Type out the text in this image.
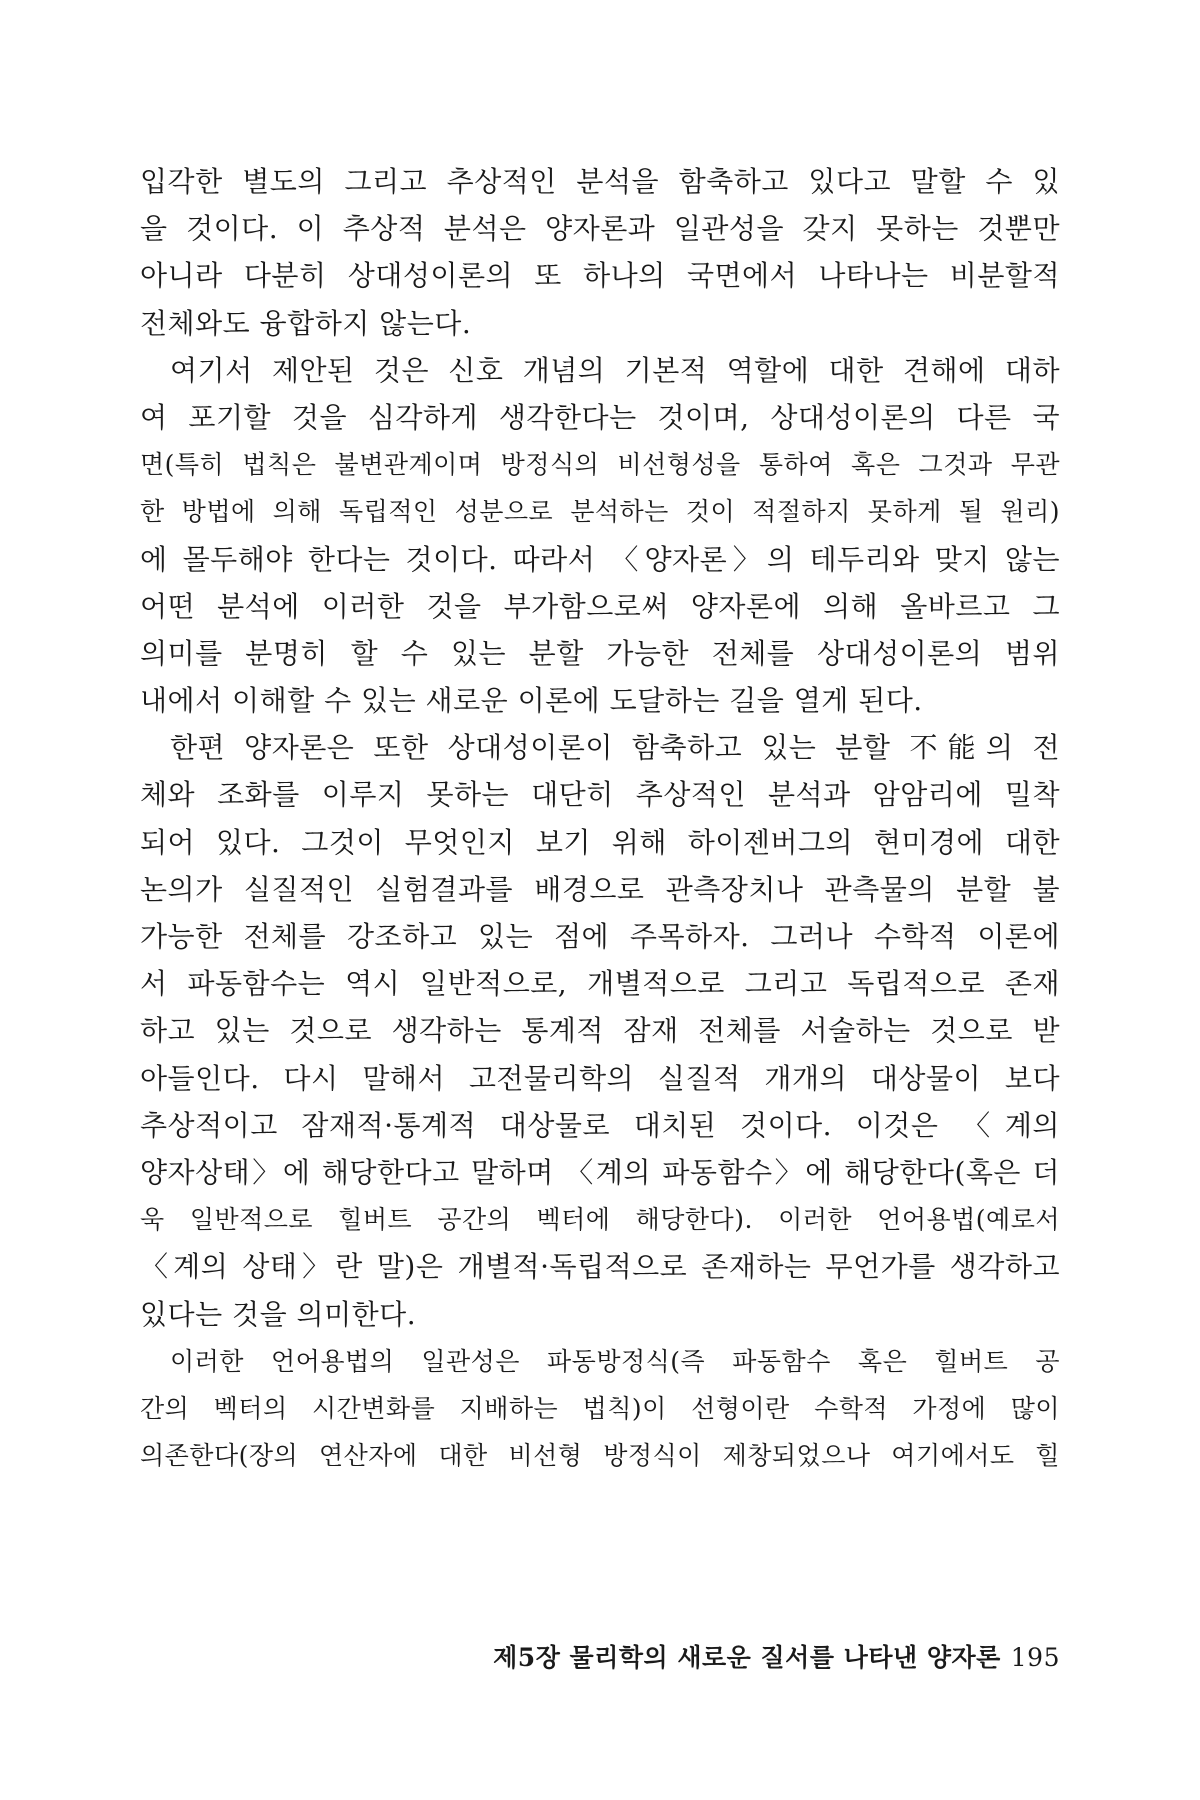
입각한 별도의 그리고 추상적인 분석을 함축하고 있다고 말할 수 있
을 것이다. 이 추상적 분석은 양자론과 일관성을 갖지 못하는 것뿐만
아니라 다분히 상대성이론의 또 하나의 국면에서 나타나는 비분할적
전체와도 융합하지 않는다.
여기서 제안된 것은 신호 개념의 기본적 역할에 대한 견해에 대하
여 포기할 것을 심각하게 생각한다는 것이며, 상대성이론의 다른 국
면(특히 법칙은 불변관계이며 방정식의 비선형성을 통하여 혹은 그것과 무관
한 방법에 의해 독립적인 성분으로 분석하는 것이 적절하지 못하게 될 원리)
에 몰두해야 한다는 것이다. 따라서 〈양자론〉의 테두리와 맞지 않는
어떤 분석에 이러한 것을 부가함으로써 양자론에 의해 올바르고 그
의미를 분명히 할 수 있는 분할 가능한 전체를 상대성이론의 범위
내에서 이해할 수 있는 새로운 이론에 도달하는 길을 열게 된다.
한편 양자론은 또한 상대성이론이 함축하고 있는 분할 不能의 전
체와 조화를 이루지 못하는 대단히 추상적인 분석과 암암리에 밀착
되어 있다. 그것이 무엇인지 보기 위해 하이젠버그의 현미경에 대한
논의가 실질적인 실험결과를 배경으로 관측장치나 관측물의 분할 불
가능한 전체를 강조하고 있는 점에 주목하자. 그러나 수학적 이론에
서 파동함수는 역시 일반적으로, 개별적으로 그리고 독립적으로 존재
하고 있는 것으로 생각하는 통계적 잠재 전체를 서술하는 것으로 받
아들인다. 다시 말해서 고전물리학의 실질적 개개의 대상물이 보다
추상적이고 잠재적·통계적 대상물로 대치된 것이다. 이것은 〈계의
양자상태〉에 해당한다고 말하며 〈계의 파동함수〉에 해당한다(혹은 더
욱 일반적으로 힐버트 공간의 벡터에 해당한다). 이러한 언어용법(예로서
〈계의 상태〉란 말)은 개별적·독립적으로 존재하는 무언가를 생각하고
있다는 것을 의미한다.
이러한 언어용법의 일관성은 파동방정식(즉 파동함수 혹은 힐버트 공
간의 벡터의 시간변화를 지배하는 법칙)이 선형이란 수학적 가정에 많이
의존한다(장의 연산자에 대한 비선형 방정식이 제창되었으나 여기에서도 힐
제5장 물리학의 새로운 질서를 나타낸 양자론 195
